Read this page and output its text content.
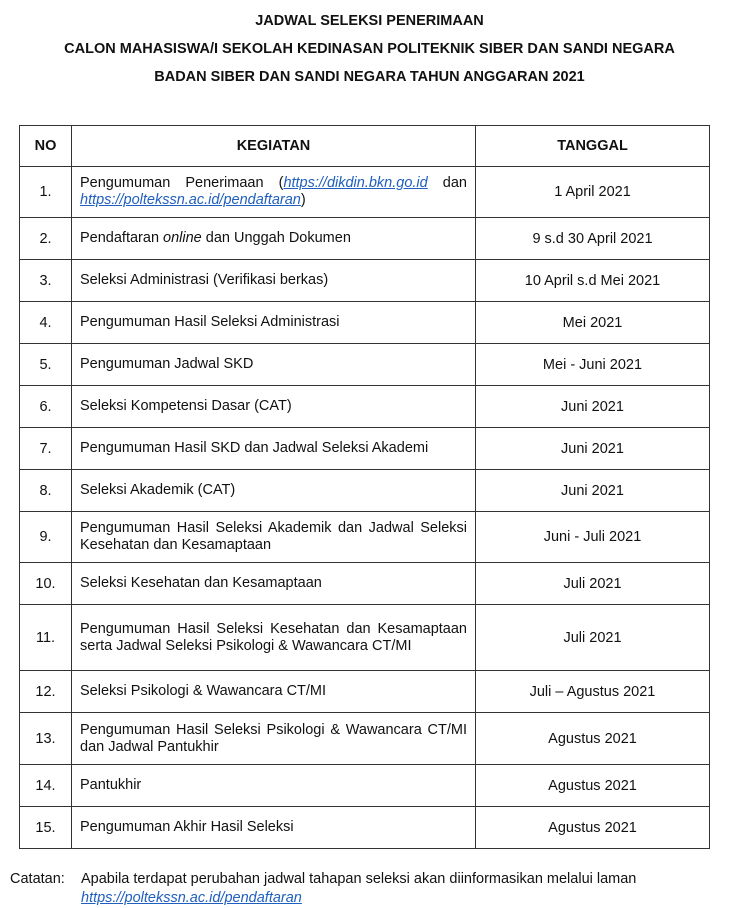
JADWAL SELEKSI PENERIMAAN
CALON MAHASISWA/I SEKOLAH KEDINASAN POLITEKNIK SIBER DAN SANDI NEGARA
BADAN SIBER DAN SANDI NEGARA TAHUN ANGGARAN 2021
NO	KEGIATAN	TANGGAL
1.	Pengumuman Penerimaan (https://dikdin.bkn.go.id dan https://poltekssn.ac.id/pendaftaran)	1 April 2021
2.	Pendaftaran online dan Unggah Dokumen	9 s.d 30 April 2021
3.	Seleksi Administrasi (Verifikasi berkas)	10 April s.d Mei 2021
4.	Pengumuman Hasil Seleksi Administrasi	Mei 2021
5.	Pengumuman Jadwal SKD	Mei - Juni 2021
6.	Seleksi Kompetensi Dasar (CAT)	Juni 2021
7.	Pengumuman Hasil SKD dan Jadwal Seleksi Akademi	Juni 2021
8.	Seleksi Akademik (CAT)	Juni 2021
9.	Pengumuman Hasil Seleksi Akademik dan Jadwal Seleksi Kesehatan dan Kesamaptaan	Juni - Juli 2021
10.	Seleksi Kesehatan dan Kesamaptaan	Juli 2021
11.	Pengumuman Hasil Seleksi Kesehatan dan Kesamaptaan serta Jadwal Seleksi Psikologi & Wawancara CT/MI	Juli 2021
12.	Seleksi Psikologi & Wawancara CT/MI	Juli – Agustus 2021
13.	Pengumuman Hasil Seleksi Psikologi & Wawancara CT/MI dan Jadwal Pantukhir	Agustus 2021
14.	Pantukhir	Agustus 2021
15.	Pengumuman Akhir Hasil Seleksi	Agustus 2021
Catatan: Apabila terdapat perubahan jadwal tahapan seleksi akan diinformasikan melalui laman
https://poltekssn.ac.id/pendaftaran
